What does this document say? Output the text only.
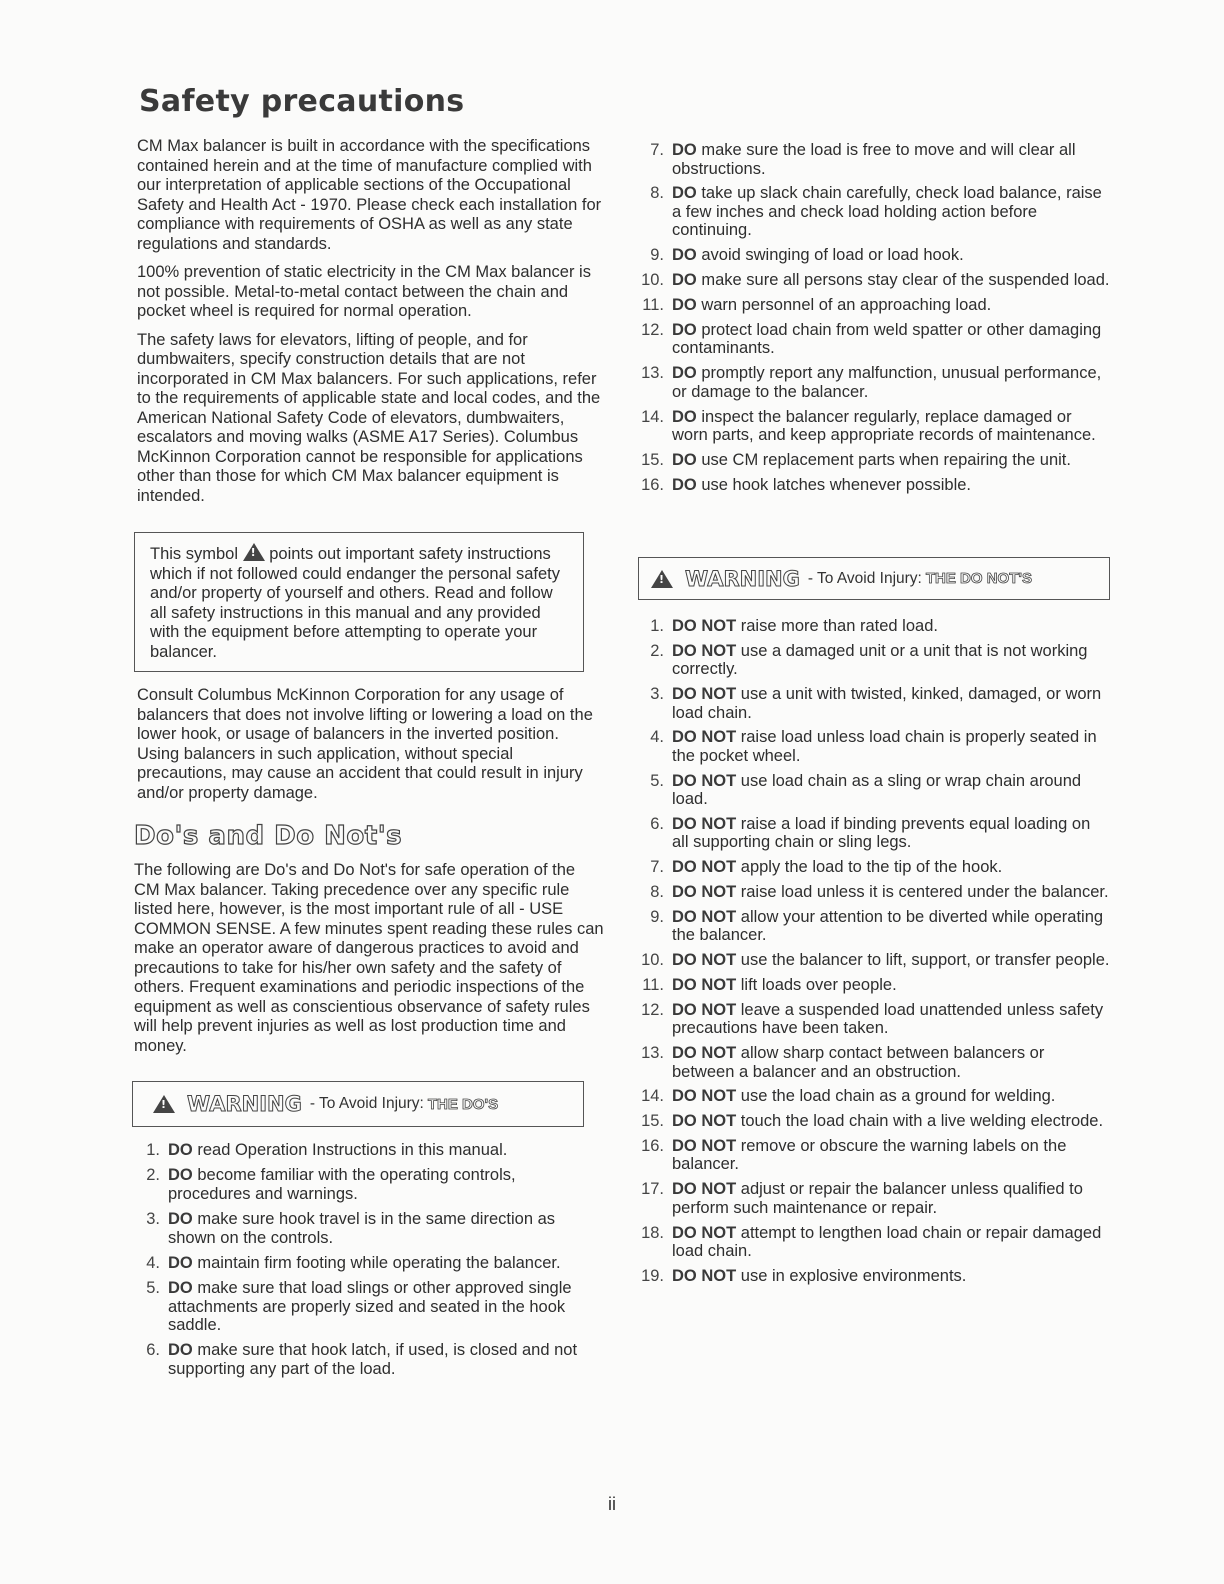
Safety precautions

CM Max balancer is built in accordance with the specifications contained herein and at the time of manufacture complied with our interpretation of applicable sections of the Occupational Safety and Health Act - 1970. Please check each installation for compliance with requirements of OSHA as well as any state regulations and standards.

100% prevention of static electricity in the CM Max balancer is not possible. Metal-to-metal contact between the chain and pocket wheel is required for normal operation.

The safety laws for elevators, lifting of people, and for dumbwaiters, specify construction details that are not incorporated in CM Max balancers. For such applications, refer to the requirements of applicable state and local codes, and the American National Safety Code of elevators, dumbwaiters, escalators and moving walks (ASME A17 Series). Columbus McKinnon Corporation cannot be responsible for applications other than those for which CM Max balancer equipment is intended.

This symbol ! points out important safety instructions which if not followed could endanger the personal safety and/or property of yourself and others. Read and follow all safety instructions in this manual and any provided with the equipment before attempting to operate your balancer.

Consult Columbus McKinnon Corporation for any usage of balancers that does not involve lifting or lowering a load on the lower hook, or usage of balancers in the inverted position. Using balancers in such application, without special precautions, may cause an accident that could result in injury and/or property damage.

Do's and Do Not's

The following are Do's and Do Not's for safe operation of the CM Max balancer. Taking precedence over any specific rule listed here, however, is the most important rule of all - USE COMMON SENSE. A few minutes spent reading these rules can make an operator aware of dangerous practices to avoid and precautions to take for his/her own safety and the safety of others. Frequent examinations and periodic inspections of the equipment as well as conscientious observance of safety rules will help prevent injuries as well as lost production time and money.

!
WARNING - To Avoid Injury: THE DO'S
1. DO read Operation Instructions in this manual.
2. DO become familiar with the operating controls, procedures and warnings.
3. DO make sure hook travel is in the same direction as shown on the controls.
4. DO maintain firm footing while operating the balancer.
5. DO make sure that load slings or other approved single attachments are properly sized and seated in the hook saddle.
6. DO make sure that hook latch, if used, is closed and not supporting any part of the load.
7. DO make sure the load is free to move and will clear all obstructions.
8. DO take up slack chain carefully, check load balance, raise a few inches and check load holding action before continuing.
9. DO avoid swinging of load or load hook.
10. DO make sure all persons stay clear of the suspended load.
11. DO warn personnel of an approaching load.
12. DO protect load chain from weld spatter or other damaging contaminants.
13. DO promptly report any malfunction, unusual performance, or damage to the balancer.
14. DO inspect the balancer regularly, replace damaged or worn parts, and keep appropriate records of maintenance.
15. DO use CM replacement parts when repairing the unit.
16. DO use hook latches whenever possible.
!
WARNING - To Avoid Injury: THE DO NOT'S
1. DO NOT raise more than rated load.
2. DO NOT use a damaged unit or a unit that is not working correctly.
3. DO NOT use a unit with twisted, kinked, damaged, or worn load chain.
4. DO NOT raise load unless load chain is properly seated in the pocket wheel.
5. DO NOT use load chain as a sling or wrap chain around load.
6. DO NOT raise a load if binding prevents equal loading on all supporting chain or sling legs.
7. DO NOT apply the load to the tip of the hook.
8. DO NOT raise load unless it is centered under the balancer.
9. DO NOT allow your attention to be diverted while operating the balancer.
10. DO NOT use the balancer to lift, support, or transfer people.
11. DO NOT lift loads over people.
12. DO NOT leave a suspended load unattended unless safety precautions have been taken.
13. DO NOT allow sharp contact between balancers or between a balancer and an obstruction.
14. DO NOT use the load chain as a ground for welding.
15. DO NOT touch the load chain with a live welding electrode.
16. DO NOT remove or obscure the warning labels on the balancer.
17. DO NOT adjust or repair the balancer unless qualified to perform such maintenance or repair.
18. DO NOT attempt to lengthen load chain or repair damaged load chain.
19. DO NOT use in explosive environments.
ii
